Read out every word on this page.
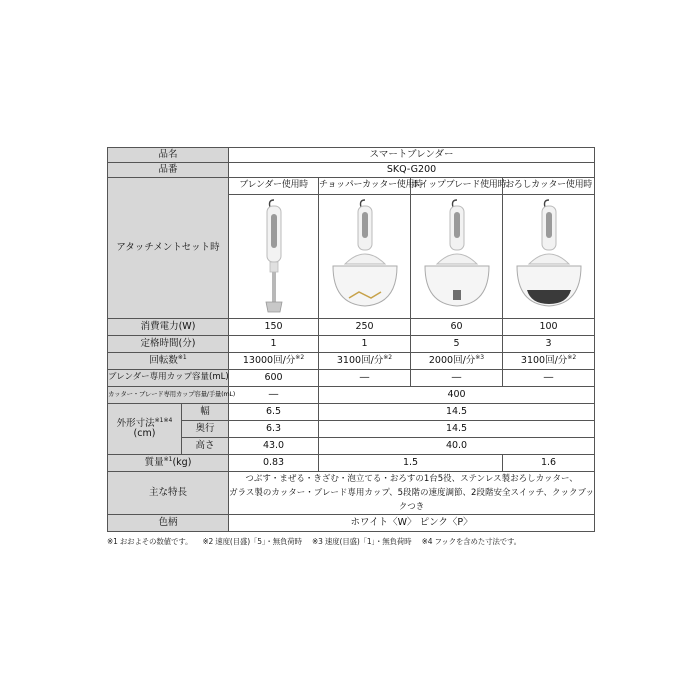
品名		スマートブレンダー			
品番		SKQ-G200			
アタッチメントセット時		ブレンダー使用時	チョッパーカッター使用時	ホイップブレード使用時	おろしカッター使用時

消費電力(W)		150	250	60	100
定格時間(分)		1	1	5	3
回転数$^{※1}$		13000回/分$^{※2}$	3100回/分$^{※2}$	2000回/分$^{※3}$	3100回/分$^{※2}$
ブレンダー専用カップ容量(mL)		600	―	―	―
カッター・ブレード専用カップ容量/手量(mL)		―	400		
外形寸法$^{※1※4}$
(cm)	幅	6.5	14.5		
	奥行	6.3	14.5		
	高さ	43.0	40.0		
質量$^{※1}$(kg)		0.83	1.5		1.6
主な特長		つぶす・まぜる・きざむ・泡立てる・おろすの1台5役、ステンレス製おろしカッター、
ガラス製のカッター・ブレード専用カップ、5段階の速度調節、2段階安全スイッチ、クックブックつき			
色柄		ホワイト〈W〉 ピンク〈P〉			
※1 おおよその数値です。 ※2 速度(目盛)「5」・無負荷時 ※3 速度(目盛)「1」・無負荷時 ※4 フックを含めた寸法です。
